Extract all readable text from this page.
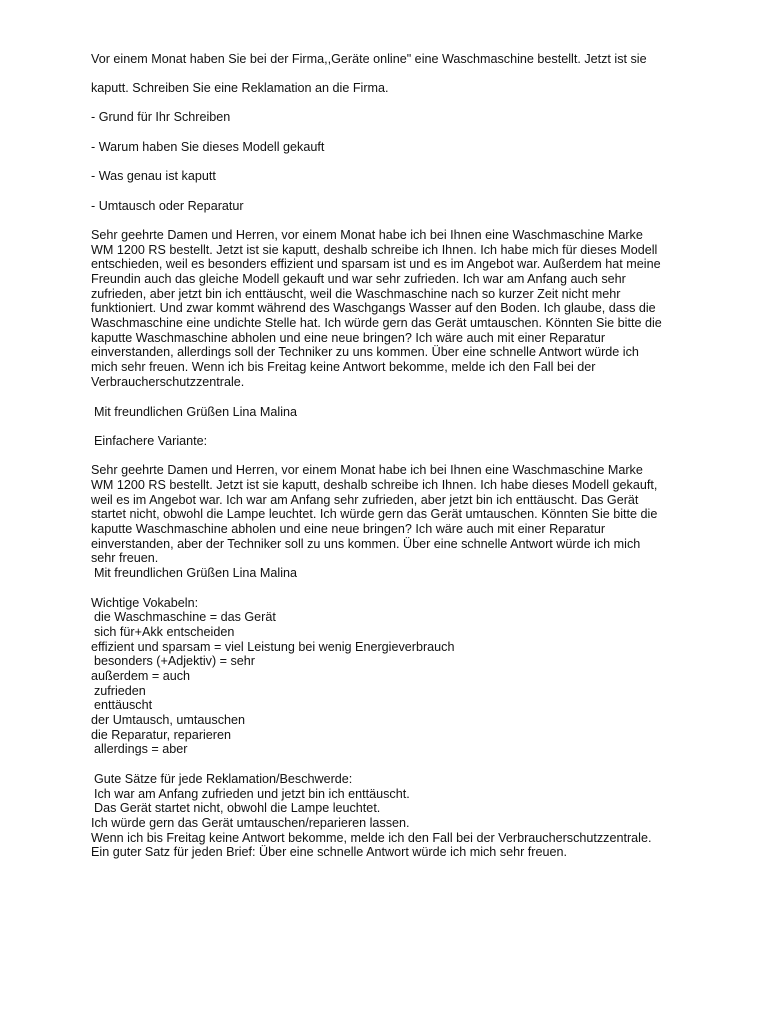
Vor einem Monat haben Sie bei der Firma,,Geräte online" eine Waschmaschine bestellt. Jetzt ist sie

kaputt. Schreiben Sie eine Reklamation an die Firma.

- Grund für Ihr Schreiben

- Warum haben Sie dieses Modell gekauft

- Was genau ist kaputt

- Umtausch oder Reparatur

Sehr geehrte Damen und Herren, vor einem Monat habe ich bei Ihnen eine Waschmaschine Marke

WM 1200 RS bestellt. Jetzt ist sie kaputt, deshalb schreibe ich Ihnen. Ich habe mich für dieses Modell

entschieden, weil es besonders effizient und sparsam ist und es im Angebot war. Außerdem hat meine

Freundin auch das gleiche Modell gekauft und war sehr zufrieden. Ich war am Anfang auch sehr

zufrieden, aber jetzt bin ich enttäuscht, weil die Waschmaschine nach so kurzer Zeit nicht mehr

funktioniert. Und zwar kommt während des Waschgangs Wasser auf den Boden. Ich glaube, dass die

Waschmaschine eine undichte Stelle hat. Ich würde gern das Gerät umtauschen. Könnten Sie bitte die

kaputte Waschmaschine abholen und eine neue bringen? Ich wäre auch mit einer Reparatur

einverstanden, allerdings soll der Techniker zu uns kommen. Über eine schnelle Antwort würde ich

mich sehr freuen. Wenn ich bis Freitag keine Antwort bekomme, melde ich den Fall bei der

Verbraucherschutzzentrale.

Mit freundlichen Grüßen Lina Malina

Einfachere Variante:

Sehr geehrte Damen und Herren, vor einem Monat habe ich bei Ihnen eine Waschmaschine Marke

WM 1200 RS bestellt. Jetzt ist sie kaputt, deshalb schreibe ich Ihnen. Ich habe dieses Modell gekauft,

weil es im Angebot war. Ich war am Anfang sehr zufrieden, aber jetzt bin ich enttäuscht. Das Gerät

startet nicht, obwohl die Lampe leuchtet. Ich würde gern das Gerät umtauschen. Könnten Sie bitte die

kaputte Waschmaschine abholen und eine neue bringen? Ich wäre auch mit einer Reparatur

einverstanden, aber der Techniker soll zu uns kommen. Über eine schnelle Antwort würde ich mich

sehr freuen.

Mit freundlichen Grüßen Lina Malina

Wichtige Vokabeln:

die Waschmaschine = das Gerät

sich für+Akk entscheiden

effizient und sparsam = viel Leistung bei wenig Energieverbrauch

besonders (+Adjektiv) = sehr

außerdem = auch

zufrieden

enttäuscht

der Umtausch, umtauschen

die Reparatur, reparieren

allerdings = aber

Gute Sätze für jede Reklamation/Beschwerde:

Ich war am Anfang zufrieden und jetzt bin ich enttäuscht.

Das Gerät startet nicht, obwohl die Lampe leuchtet.

Ich würde gern das Gerät umtauschen/reparieren lassen.

Wenn ich bis Freitag keine Antwort bekomme, melde ich den Fall bei der Verbraucherschutzzentrale.

Ein guter Satz für jeden Brief: Über eine schnelle Antwort würde ich mich sehr freuen.
